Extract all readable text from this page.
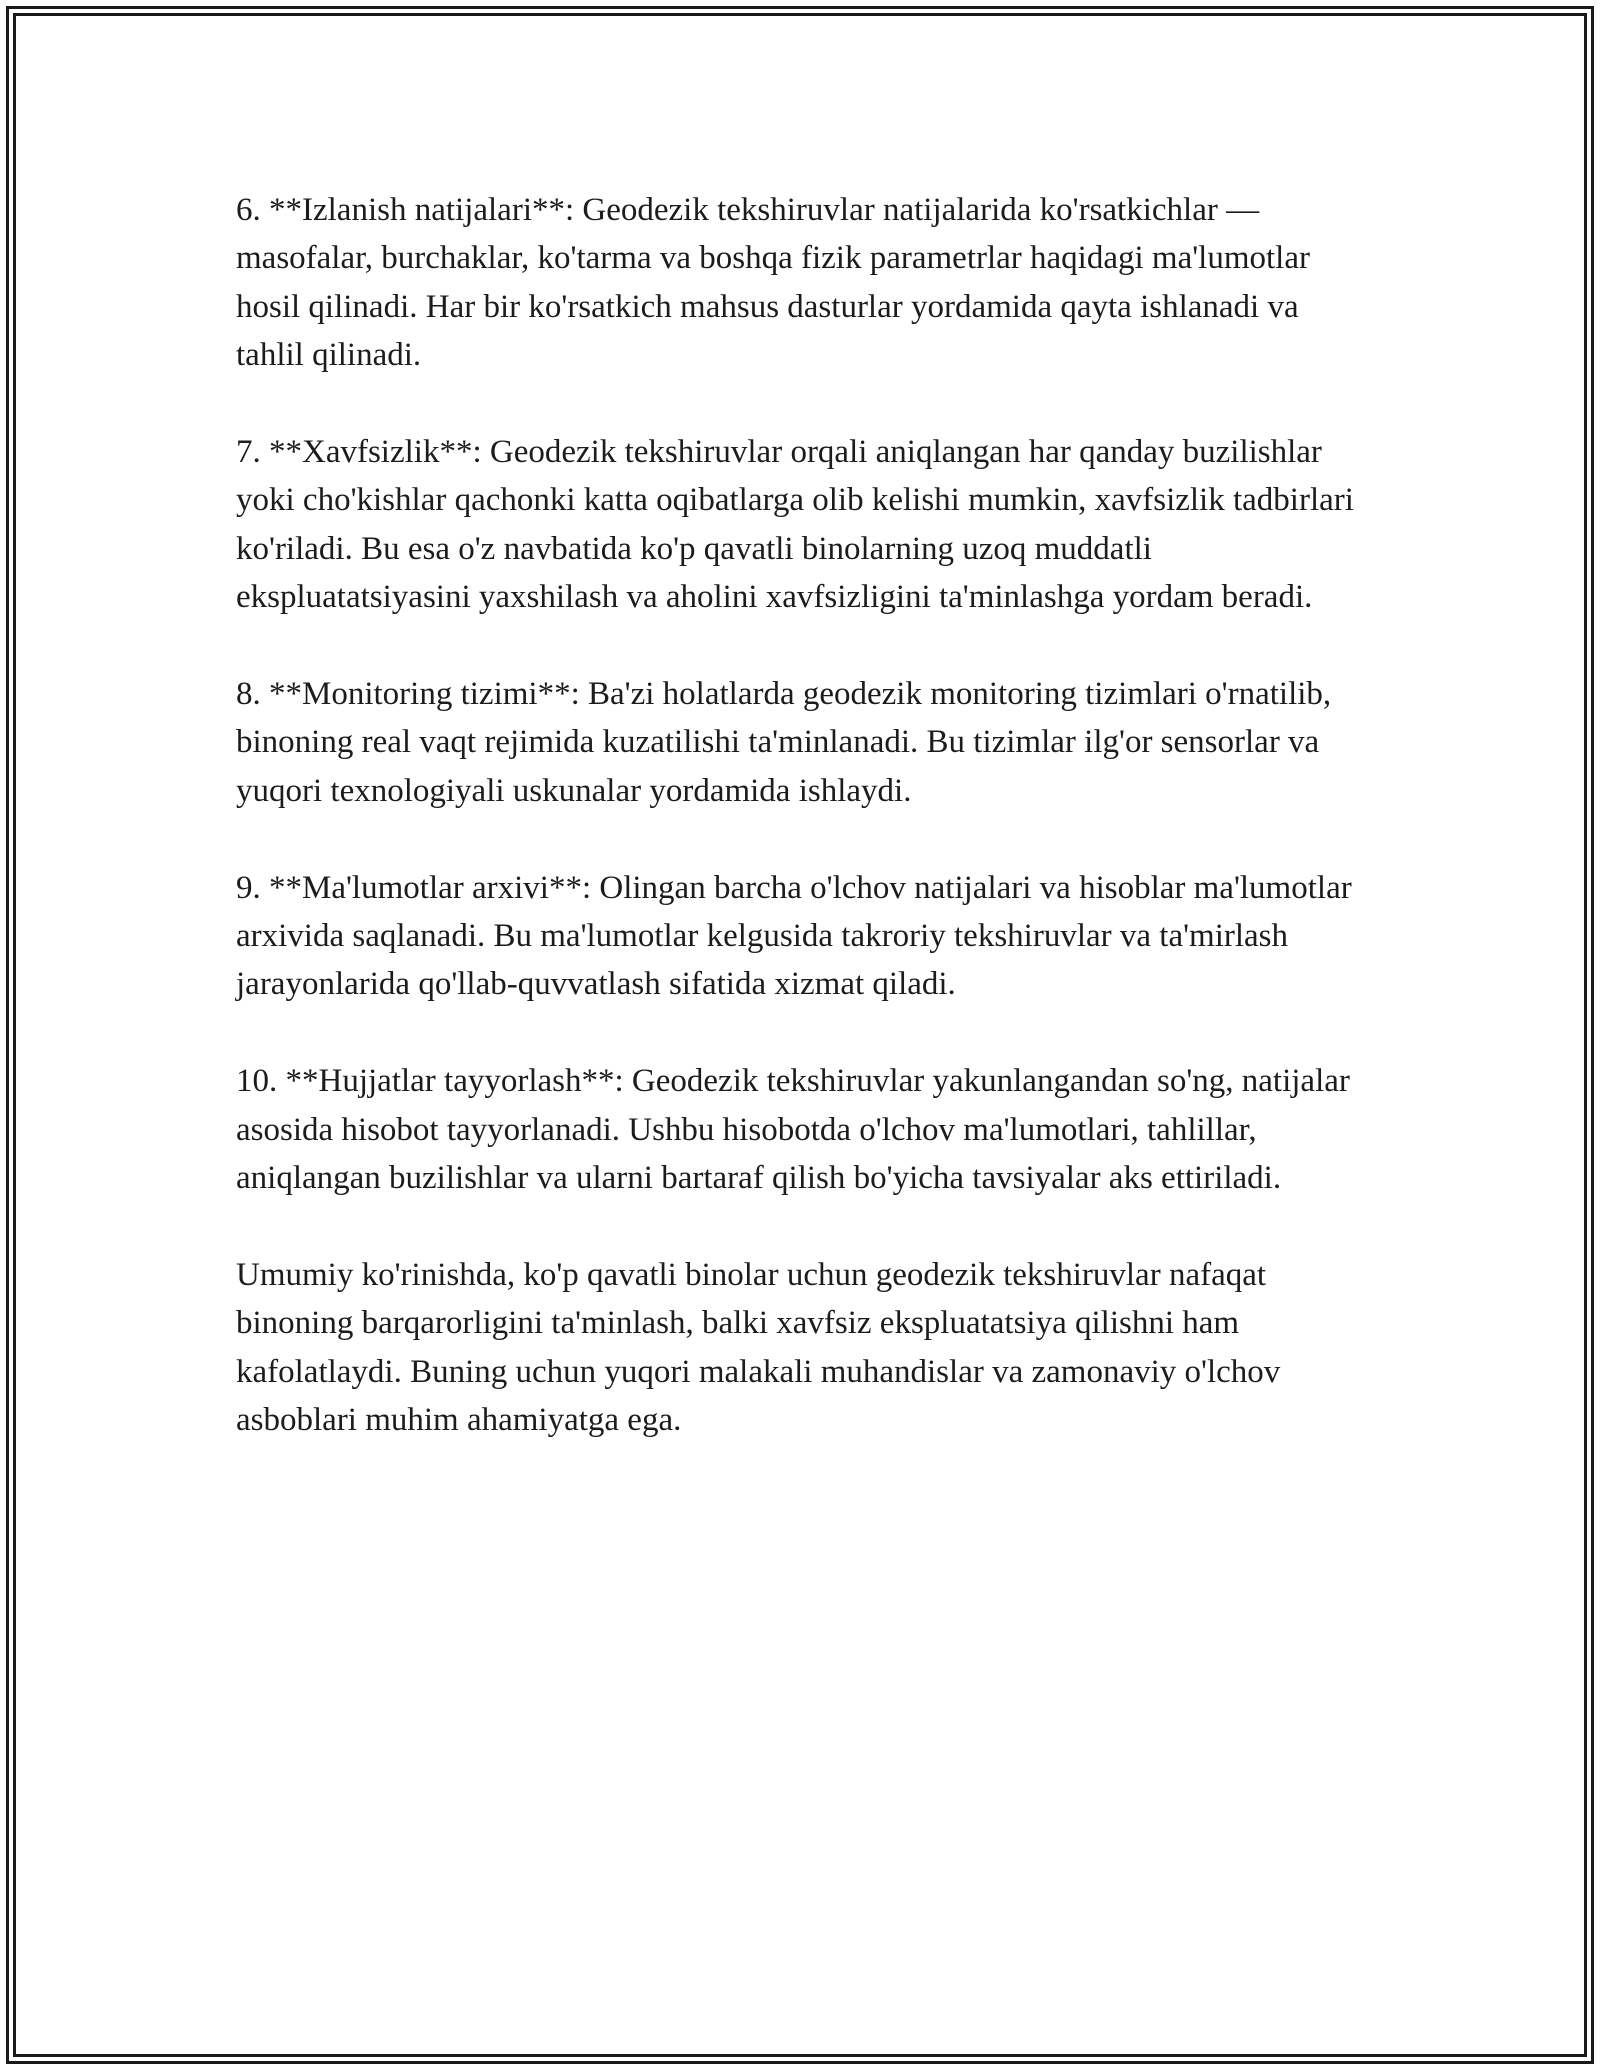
6. **Izlanish natijalari**: Geodezik tekshiruvlar natijalarida ko'rsatkichlar — masofalar, burchaklar, ko'tarma va boshqa fizik parametrlar haqidagi ma'lumotlar hosil qilinadi. Har bir ko'rsatkich mahsus dasturlar yordamida qayta ishlanadi va tahlil qilinadi.

7. **Xavfsizlik**: Geodezik tekshiruvlar orqali aniqlangan har qanday buzilishlar yoki cho'kishlar qachonki katta oqibatlarga olib kelishi mumkin, xavfsizlik tadbirlari ko'riladi. Bu esa o'z navbatida ko'p qavatli binolarning uzoq muddatli ekspluatatsiyasini yaxshilash va aholini xavfsizligini ta'minlashga yordam beradi.

8. **Monitoring tizimi**: Ba'zi holatlarda geodezik monitoring tizimlari o'rnatilib, binoning real vaqt rejimida kuzatilishi ta'minlanadi. Bu tizimlar ilg'or sensorlar va yuqori texnologiyali uskunalar yordamida ishlaydi.

9. **Ma'lumotlar arxivi**: Olingan barcha o'lchov natijalari va hisoblar ma'lumotlar arxivida saqlanadi. Bu ma'lumotlar kelgusida takroriy tekshiruvlar va ta'mirlash jarayonlarida qo'llab-quvvatlash sifatida xizmat qiladi.

10. **Hujjatlar tayyorlash**: Geodezik tekshiruvlar yakunlangandan so'ng, natijalar asosida hisobot tayyorlanadi. Ushbu hisobotda o'lchov ma'lumotlari, tahlillar, aniqlangan buzilishlar va ularni bartaraf qilish bo'yicha tavsiyalar aks ettiriladi.

Umumiy ko'rinishda, ko'p qavatli binolar uchun geodezik tekshiruvlar nafaqat binoning barqarorligini ta'minlash, balki xavfsiz ekspluatatsiya qilishni ham kafolatlaydi. Buning uchun yuqori malakali muhandislar va zamonaviy o'lchov asboblari muhim ahamiyatga ega.
